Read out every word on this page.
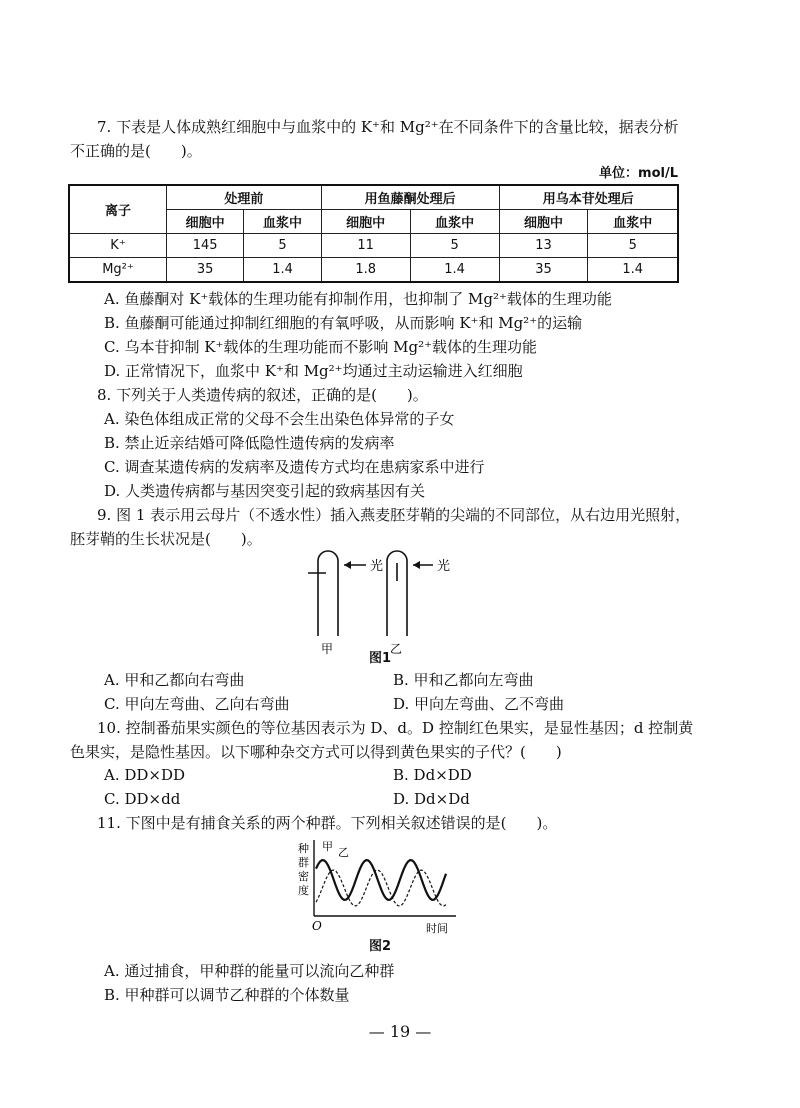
7. 下表是人体成熟红细胞中与血浆中的 K⁺和 Mg²⁺在不同条件下的含量比较，据表分析
不正确的是(　　)。
单位：mol/L
离子	处理前		用鱼藤酮处理后		用乌本苷处理后	
	细胞中	血浆中	细胞中	血浆中	细胞中	血浆中
K⁺	145	5	11	5	13	5
Mg²⁺	35	1.4	1.8	1.4	35	1.4
A. 鱼藤酮对 K⁺载体的生理功能有抑制作用，也抑制了 Mg²⁺载体的生理功能
B. 鱼藤酮可能通过抑制红细胞的有氧呼吸，从而影响 K⁺和 Mg²⁺的运输
C. 乌本苷抑制 K⁺载体的生理功能而不影响 Mg²⁺载体的生理功能
D. 正常情况下，血浆中 K⁺和 Mg²⁺均通过主动运输进入红细胞
8. 下列关于人类遗传病的叙述，正确的是(　　)。
A. 染色体组成正常的父母不会生出染色体异常的子女
B. 禁止近亲结婚可降低隐性遗传病的发病率
C. 调查某遗传病的发病率及遗传方式均在患病家系中进行
D. 人类遗传病都与基因突变引起的致病基因有关
9. 图 1 表示用云母片（不透水性）插入燕麦胚芽鞘的尖端的不同部位，从右边用光照射，
胚芽鞘的生长状况是(　　)。
光	光
甲	乙
图1
A. 甲和乙都向右弯曲	B. 甲和乙都向左弯曲
C. 甲向左弯曲、乙向右弯曲	D. 甲向左弯曲、乙不弯曲
10. 控制番茄果实颜色的等位基因表示为 D、d。D 控制红色果实，是显性基因；d 控制黄
色果实，是隐性基因。以下哪种杂交方式可以得到黄色果实的子代？(　　)
A. DD×DD	B. Dd×DD
C. DD×dd	D. Dd×Dd
11. 下图中是有捕食关系的两个种群。下列相关叙述错误的是(　　)。
种
群
密
度
甲 乙
O	时间
图2
A. 通过捕食，甲种群的能量可以流向乙种群
B. 甲种群可以调节乙种群的个体数量
— 19 —
